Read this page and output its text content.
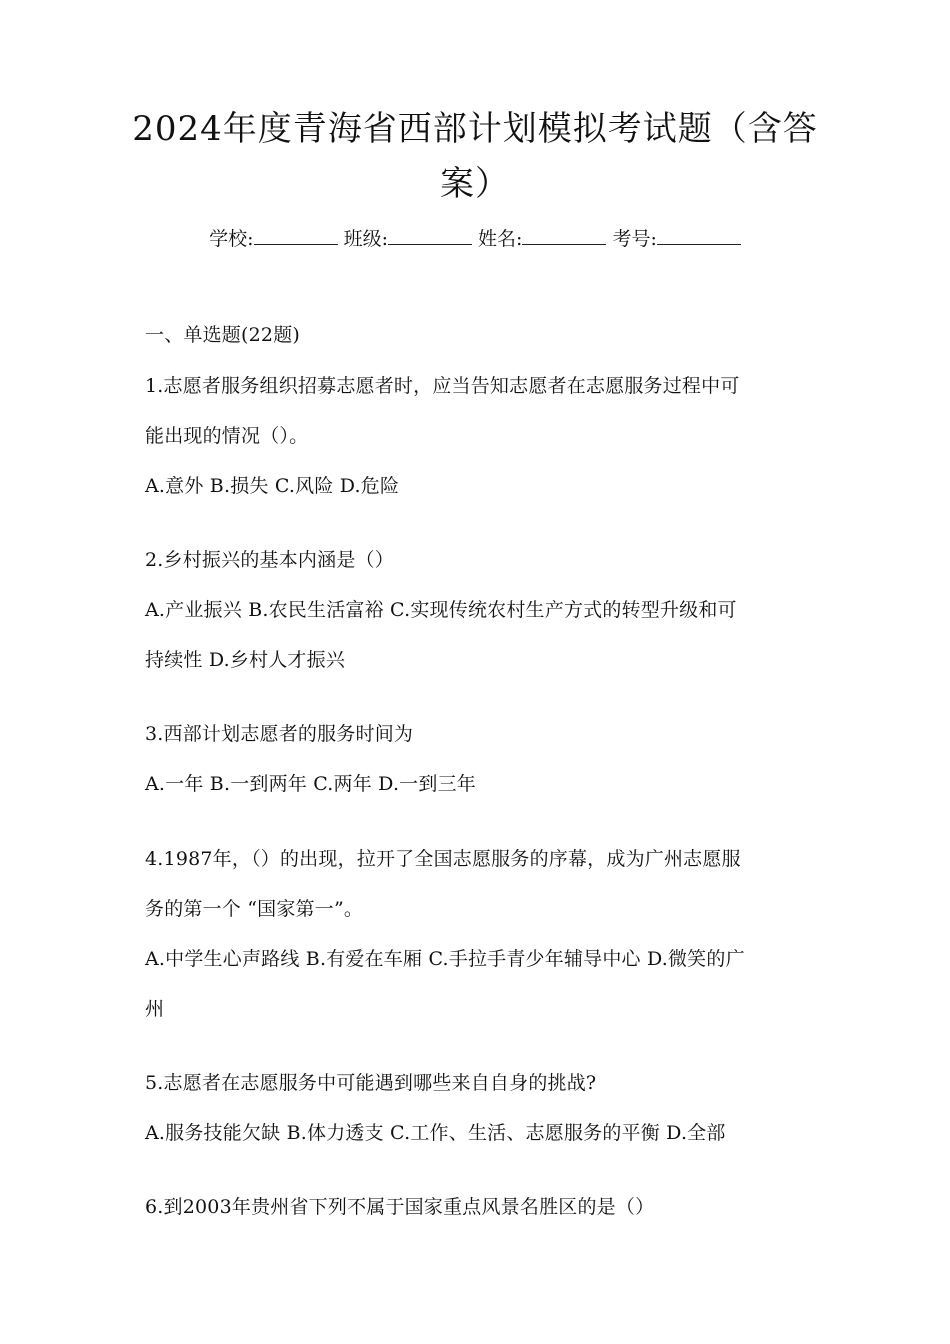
2024年度青海省西部计划模拟考试题（含答
案）
学校:	班级:	姓名:	考号:
一、单选题(22题)
1.志愿者服务组织招募志愿者时，应当告知志愿者在志愿服务过程中可
能出现的情况（）。
A.意外 B.损失 C.风险 D.危险
2.乡村振兴的基本内涵是（）
A.产业振兴 B.农民生活富裕 C.实现传统农村生产方式的转型升级和可
持续性 D.乡村人才振兴
3.西部计划志愿者的服务时间为
A.一年 B.一到两年 C.两年 D.一到三年
4.1987年，（）的出现，拉开了全国志愿服务的序幕，成为广州志愿服
务的第一个 “国家第一”。
A.中学生心声路线 B.有爱在车厢 C.手拉手青少年辅导中心 D.微笑的广
州
5.志愿者在志愿服务中可能遇到哪些来自自身的挑战?
A.服务技能欠缺 B.体力透支 C.工作、生活、志愿服务的平衡 D.全部
6.到2003年贵州省下列不属于国家重点风景名胜区的是（）
